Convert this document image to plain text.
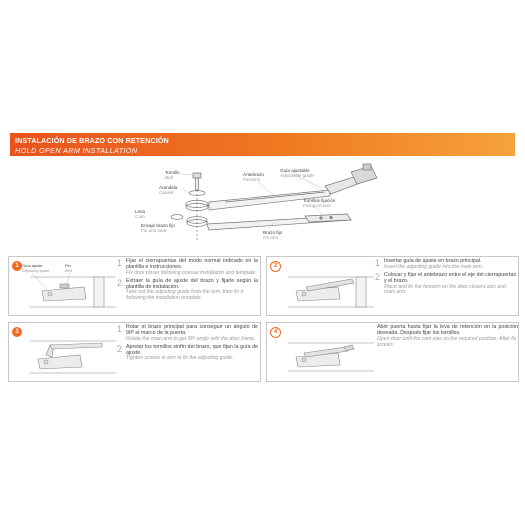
INSTALACIÓN DE BRAZO CON RETENCIÓN
HOLD OPEN ARM INSTALLATION
Tornillo
Bolt
Arandela
Gasket
Leva
Cam
Encaje brazo fijo
Fix arm seat
Antebrazo
Forearm
Guía ajustable
Adjustable guide
Tornillos fijación
Fixing screws
Brazo fijo
Fix arm
1 Guía ajuste
Adjusting guide
Pin
Bolt
1 Fijar el cierrapuertas del modo normal indicado en la plantilla e instrucciones.
Fix door closer following manual installation and template.
2 Extraer la guía de ajuste del brazo y fijarle según la plantilla de instalación.
Take out the adjusting guide from the arm, then fix it following the installation template.
2	1 Insertar guía de ajuste en brazo principal.
Insert the adjusting guide into the main arm.
2 Colocar y fijar el antebrazo entre el eje del cierrapuertas y el brazo.
Place and fix the forearm on the door closers axis and main arm.
3	1 Rotar el brazo principal para conseguir un ángulo de 90º al marco de la puerta.
Rotate the main arm to get 90º angle with the door frame.
2 Apretar los tornillos sinfín del brazo, que fijan la guía de ajuste.
Tighten screws in arm to fix the adjusting guide.
4
Abrir puerta hasta fijar la leva de retención en la posición deseada. Después fijar los tornillos.
Open door until the cam was on the required position. After fix screws.
